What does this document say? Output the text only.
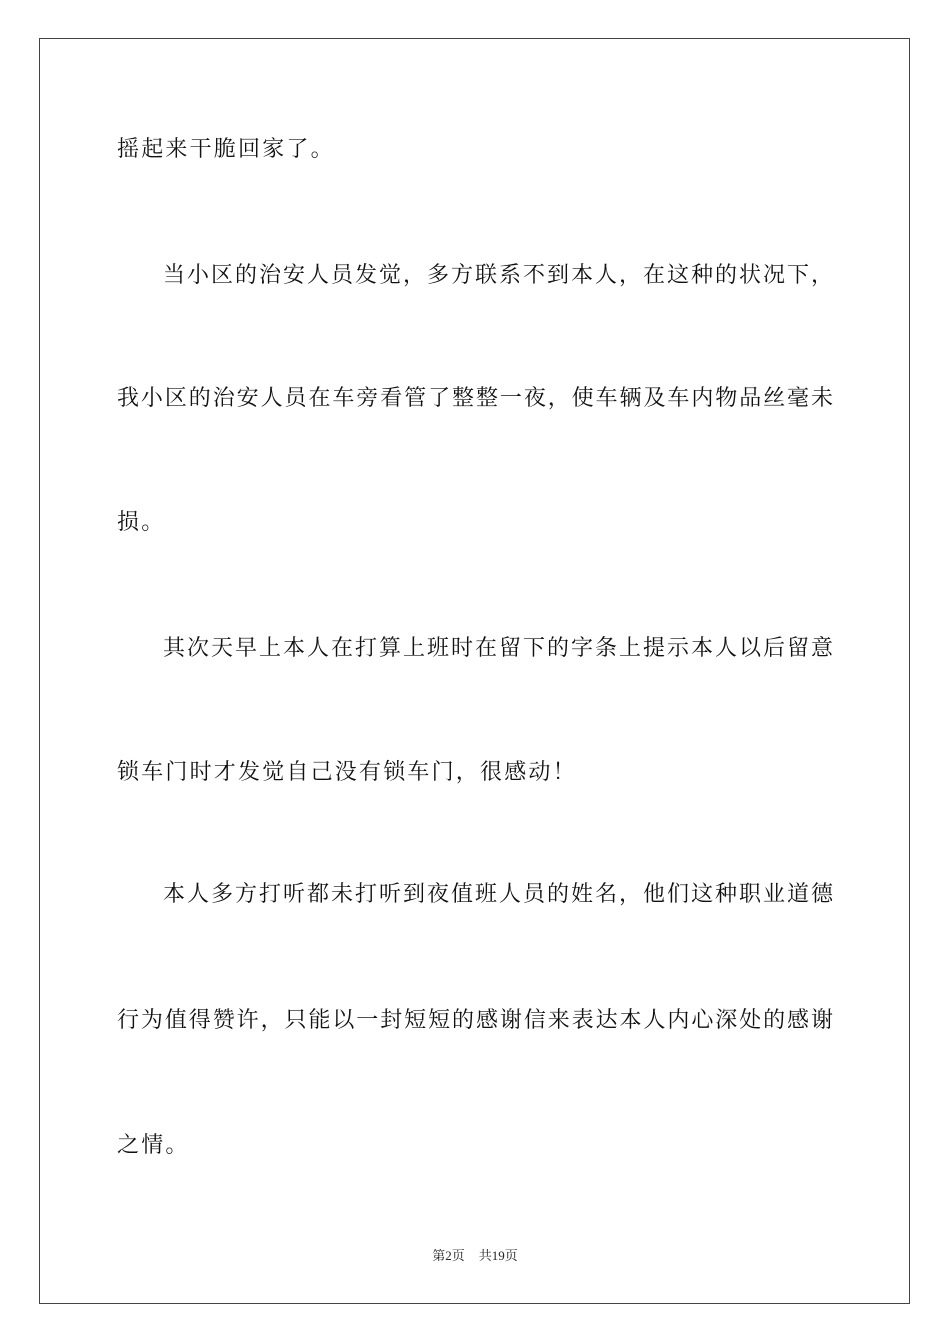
摇起来干脆回家了。
当小区的治安人员发觉，多方联系不到本人，在这种的状况下，
我小区的治安人员在车旁看管了整整一夜，使车辆及车内物品丝毫未
损。
其次天早上本人在打算上班时在留下的字条上提示本人以后留意
锁车门时才发觉自己没有锁车门，很感动！
本人多方打听都未打听到夜值班人员的姓名，他们这种职业道德
行为值得赞许，只能以一封短短的感谢信来表达本人内心深处的感谢
之情。
第2页 共19页
